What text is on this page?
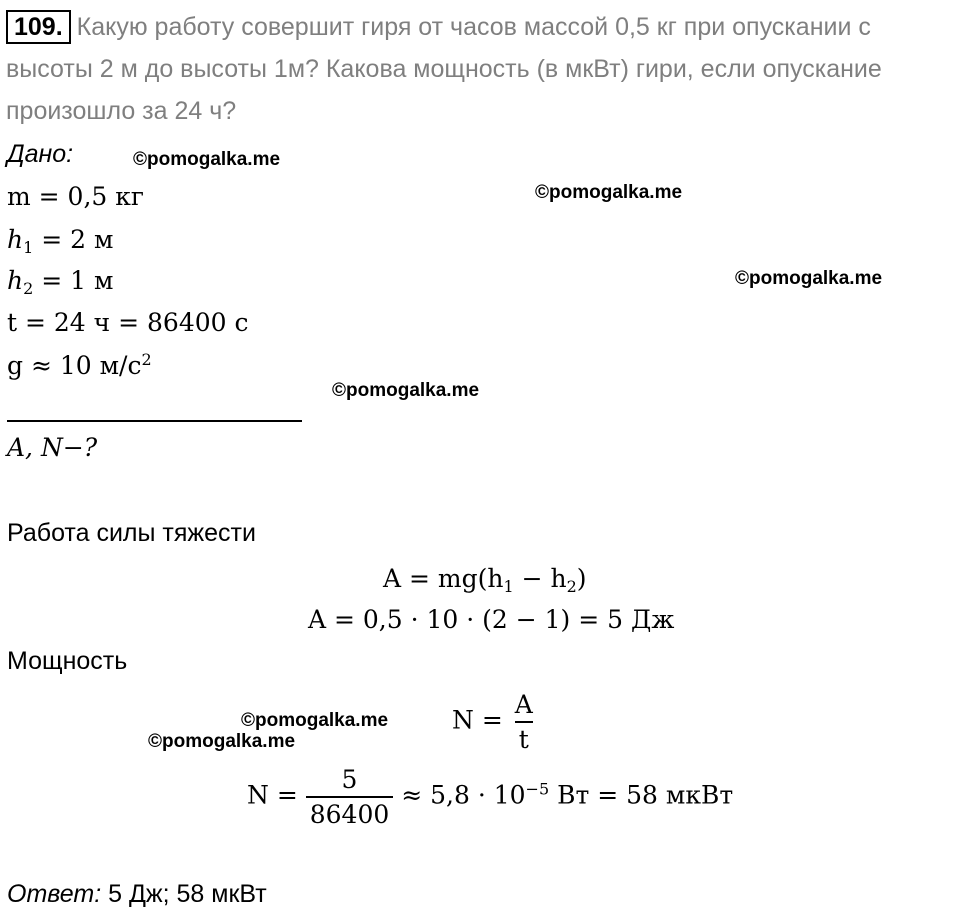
109. Какую работу совершит гиря от часов массой 0,5 кг при опускании с высоты 2 м до высоты 1м? Какова мощность (в мкВт) гири, если опускание произошло за 24 ч?
Дано:
m = 0,5 кг
$h_1 = 2$ м
$h_2 = 1$ м
t = 24 ч = 86400 с
g ≈ 10 $м/с^2$
A, N−?
Работа силы тяжести
$A = mg(h_1 - h_2)$
A = 0,5 · 10 · (2 − 1) = 5 Дж
Мощность
$N = \frac{A}{t}$
$N = \frac{5}{86400} \approx 5,8 \cdot 10^{-5}$ Вт = 58 мкВт
Ответ: 5 Дж; 58 мкВт
©pomogalka.me
©pomogalka.me
©pomogalka.me
©pomogalka.me
©pomogalka.me
©pomogalka.me
